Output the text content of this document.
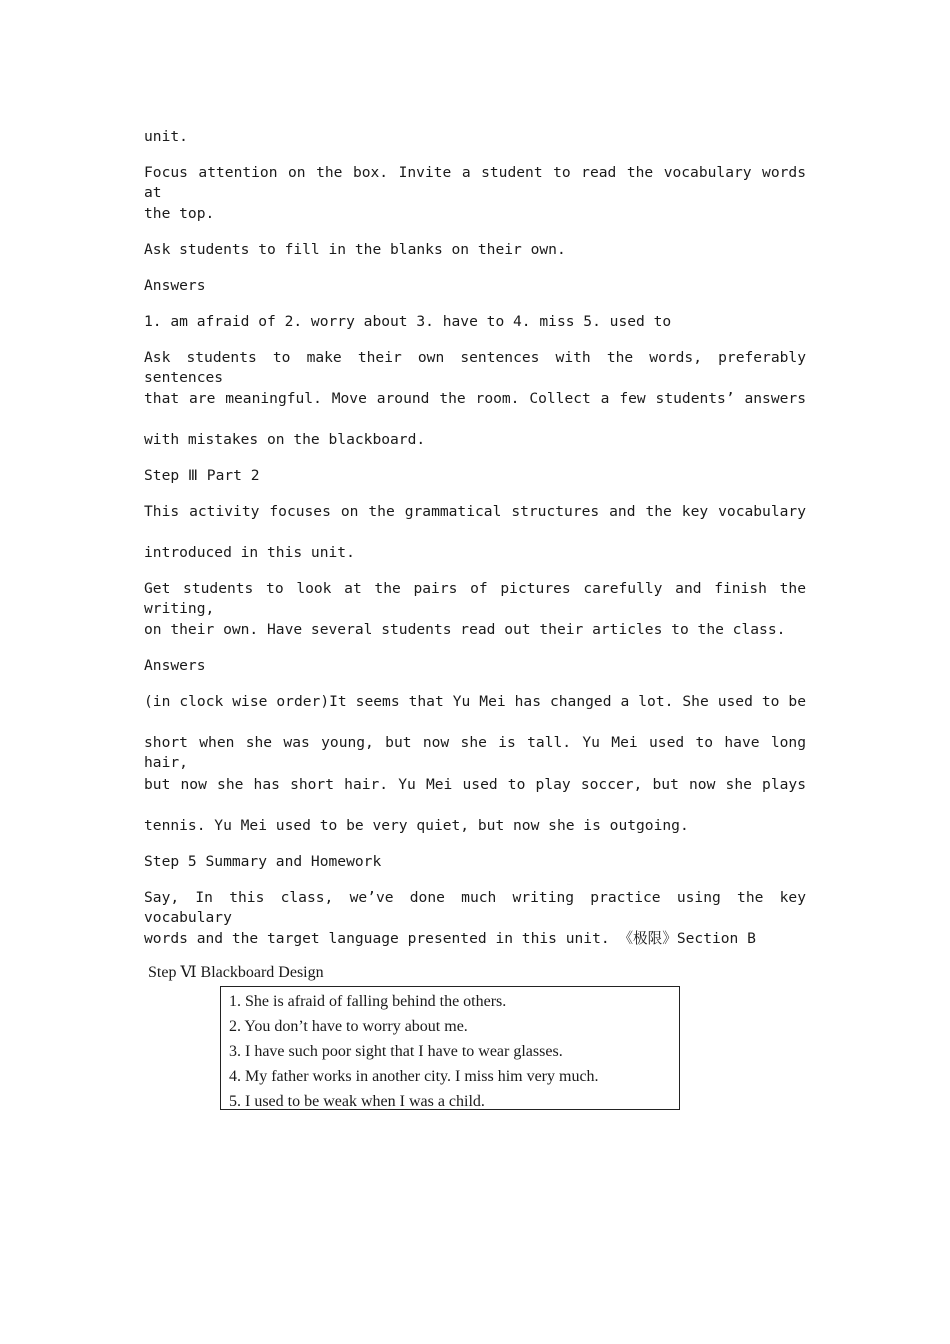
unit.
Focus attention on the box. Invite a student to read the vocabulary words at
the top.
Ask students to fill in the blanks on their own.
Answers
1. am afraid of 2. worry about 3. have to 4. miss 5. used to
Ask students to make their own sentences with the words, preferably sentences
that are meaningful. Move around the room. Collect a few students’ answers
with mistakes on the blackboard.
Step Ⅲ Part 2
This activity focuses on the grammatical structures and the key vocabulary
introduced in this unit.
Get students to look at the pairs of pictures carefully and finish the writing,
on their own. Have several students read out their articles to the class.
Answers
(in clock wise order)It seems that Yu Mei has changed a lot. She used to be
short when she was young, but now she is tall. Yu Mei used to have long hair,
but now she has short hair. Yu Mei used to play soccer, but now she plays
tennis. Yu Mei used to be very quiet, but now she is outgoing.
Step 5 Summary and Homework
Say, In this class, we’ve done much writing practice using the key vocabulary
words and the target language presented in this unit. 《极限》Section B
Step Ⅵ Blackboard Design
1. She is afraid of falling behind the others.
2. You don’t have to worry about me.
3. I have such poor sight that I have to wear glasses.
4. My father works in another city. I miss him very much.
5. I used to be weak when I was a child.
